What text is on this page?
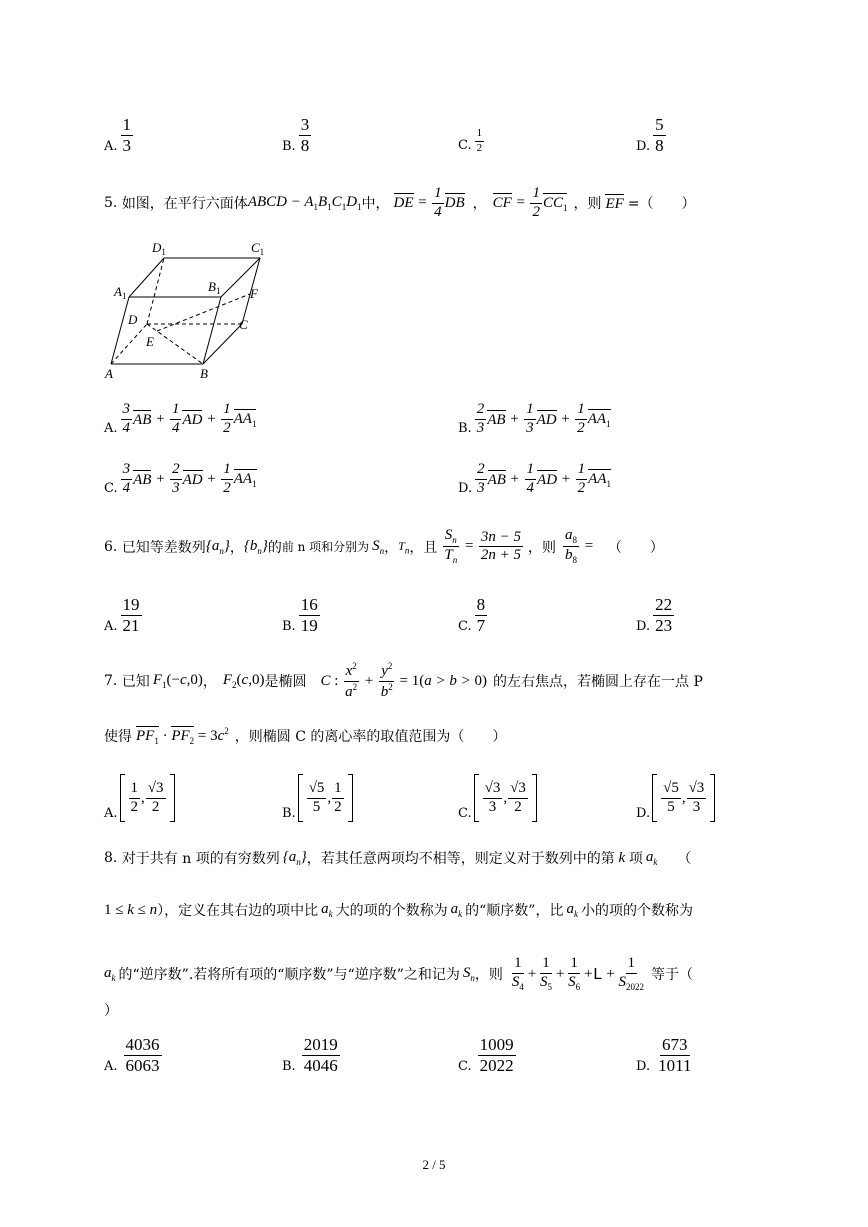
A. $\frac{1}{3}$	B. $\frac{3}{8}$	C. $\frac{1}{2}$	D. $\frac{5}{8}$
5.
如图，在平行六面体 ABCD − $A_1B_1C_1D_1$ 中， DE = $\frac{1}{4}$ DB ， CF = $\frac{1}{2} CC_1$ ，则 EF =（　　）
$D_1$	$C_1$
$A_1$
$B_1$ F
D	C
E
A	B
A. $\frac{3}{4}$ AB + $\frac{1}{4}$ AD + $\frac{1}{2} AA_1$	B. $\frac{2}{3}$ AB + $\frac{1}{3}$ AD + $\frac{1}{2} AA_1$
C. $\frac{3}{4}$ AB + $\frac{2}{3}$ AD + $\frac{1}{2} AA_1$	D. $\frac{2}{3}$ AB + $\frac{1}{4}$ AD + $\frac{1}{2} AA_1$
6.
已知等差数列 $\{a_n\}$ ， $\{b_n\}$ 的 前 n 项和分别为 $S_n$ ， $T_n$ ，且 $\frac{S_n}{T_n} = \frac{3n - 5}{2n + 5}$ ，则 $\frac{a_8}{b_8}$ = （　　）
A. $\frac{19}{21}$	B. $\frac{16}{19}$	C. $\frac{8}{7}$	D. $\frac{22}{23}$
7.
已知 $F_1(-c,0)$ ， $F_2(c,0)$ 是椭圆 C : $\frac{x^2}{a^2} + \frac{y^2}{b^2} = 1$( a > b > 0) 的左右焦点，若椭圆上存在一点 P
使得 $PF_1 \cdot PF_2 = 3c^2$ ，则椭圆 C 的离心率的取值范围为（　　）
A. $\frac{1}{2}$ , $\frac{√3}{2}$	B. $\frac{√5}{5}$ , $\frac{1}{2}$	C. $\frac{√3}{3}$ , $\frac{√3}{2}$	D. $\frac{√5}{5}$ , $\frac{√3}{3}$
8.
对于共有 n 项的有穷数列 $\{a_n\}$ ，若其任意两项均不相等，则定义对于数列中的第 k 项 $a_k$ （
1 ≤ k ≤ n ），定义在其右边的项中比 $a_k$ 大的项的个数称为 $a_k$ 的“顺序数”，比 $a_k$ 小的项的个数称为
$a_k$ 的“逆序数”.若将所有项的“顺序数”与“逆序数”之和记为 $S_n$ ，则 $\frac{1}{S_4} + \frac{1}{S_5} + \frac{1}{S_6} + L + \frac{1}{S_{2022}}$ 等于（
）
A. $\frac{4036}{6063}$	B. $\frac{2019}{4046}$	C. $\frac{1009}{2022}$	D. $\frac{673}{1011}$
2 / 5
